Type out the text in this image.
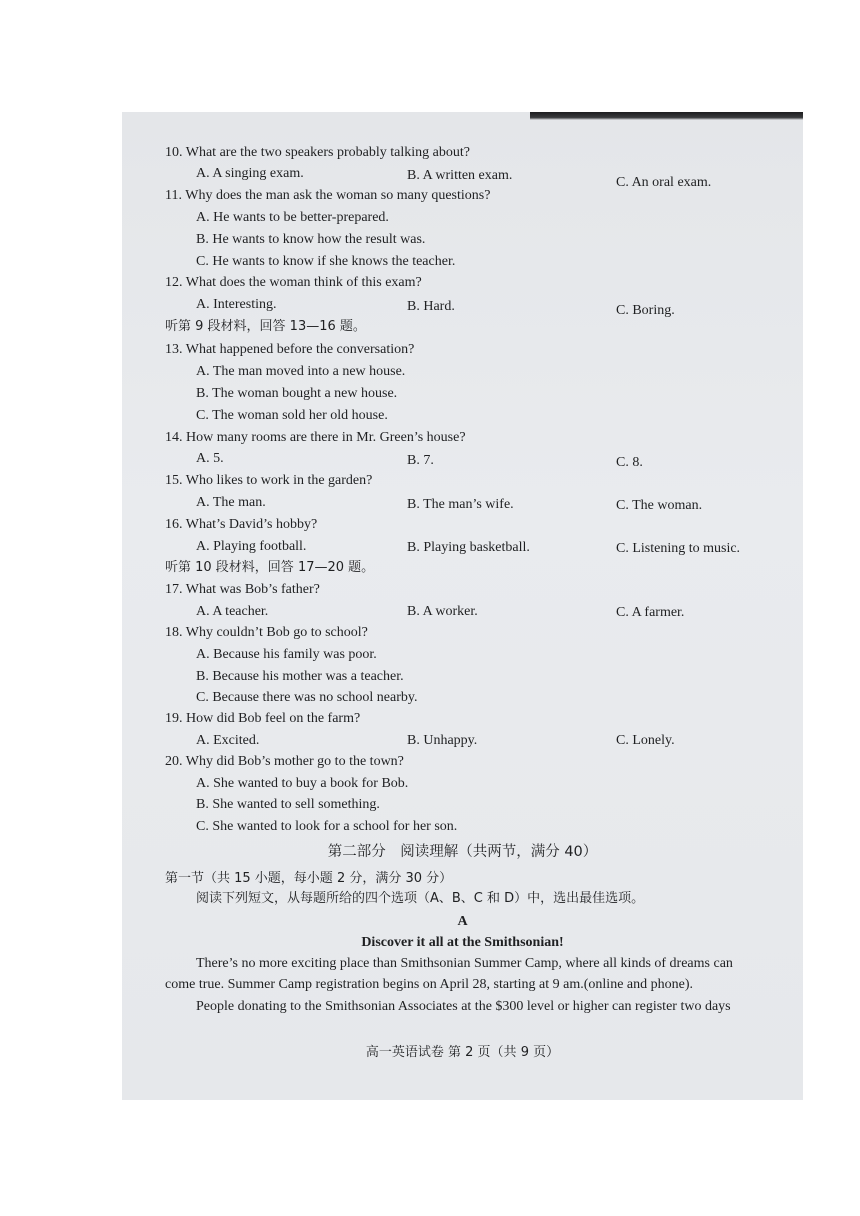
10. What are the two speakers probably talking about?
A. A singing exam.	B. A written exam.	C. An oral exam.
11. Why does the man ask the woman so many questions?
A. He wants to be better-prepared.
B. He wants to know how the result was.
C. He wants to know if she knows the teacher.
12. What does the woman think of this exam?
A. Interesting.	B. Hard.	C. Boring.
听第 9 段材料，回答 13—16 题。
13. What happened before the conversation?
A. The man moved into a new house.
B. The woman bought a new house.
C. The woman sold her old house.
14. How many rooms are there in Mr. Green’s house?
A. 5.	B. 7.	C. 8.
15. Who likes to work in the garden?
A. The man.	B. The man’s wife.	C. The woman.
16. What’s David’s hobby?
A. Playing football.	B. Playing basketball.	C. Listening to music.
听第 10 段材料，回答 17—20 题。
17. What was Bob’s father?
A. A teacher.	B. A worker.	C. A farmer.
18. Why couldn’t Bob go to school?
A. Because his family was poor.
B. Because his mother was a teacher.
C. Because there was no school nearby.
19. How did Bob feel on the farm?
A. Excited.	B. Unhappy.	C. Lonely.
20. Why did Bob’s mother go to the town?
A. She wanted to buy a book for Bob.
B. She wanted to sell something.
C. She wanted to look for a school for her son.
第二部分　阅读理解（共两节，满分 40）
第一节（共 15 小题，每小题 2 分，满分 30 分）
阅读下列短文，从每题所给的四个选项（A、B、C 和 D）中，选出最佳选项。
A
Discover it all at the Smithsonian!
There’s no more exciting place than Smithsonian Summer Camp, where all kinds of dreams can
come true. Summer Camp registration begins on April 28, starting at 9 am.(online and phone).
People donating to the Smithsonian Associates at the $300 level or higher can register two days
高一英语试卷 第 2 页（共 9 页）
